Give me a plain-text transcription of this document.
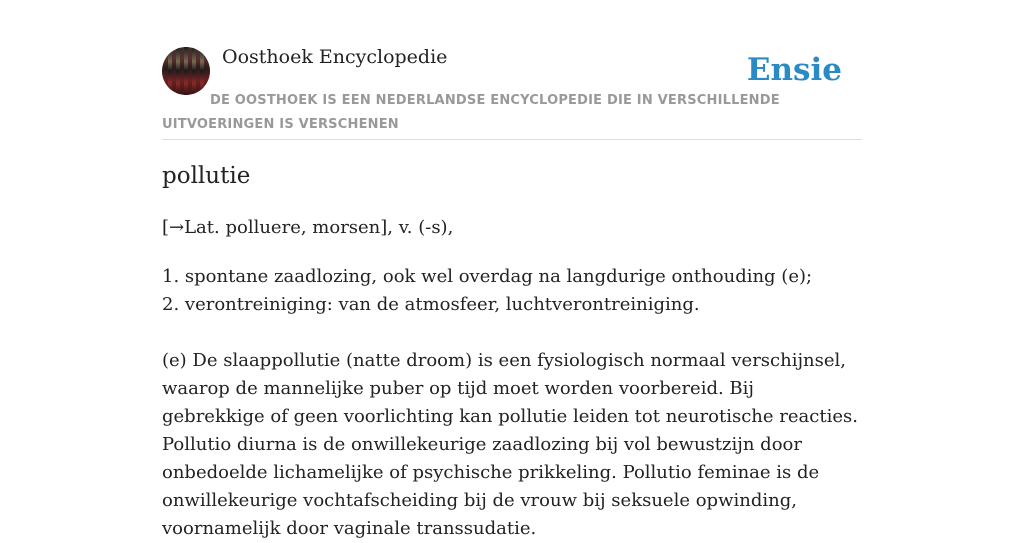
Oosthoek Encyclopedie	Ensie
DE OOSTHOEK IS EEN NEDERLANDSE ENCYCLOPEDIE DIE IN VERSCHILLENDE UITVOERINGEN IS VERSCHENEN
pollutie
[→Lat. polluere, morsen], v. (-s),
1. spontane zaadlozing, ook wel overdag na langdurige onthouding (e);
2. verontreiniging: van de atmosfeer, luchtverontreiniging.
(e) De slaappollutie (natte droom) is een fysiologisch normaal verschijnsel, waarop de mannelijke puber op tijd moet worden voorbereid. Bij gebrekkige of geen voorlichting kan pollutie leiden tot neurotische reacties. Pollutio diurna is de onwillekeurige zaadlozing bij vol bewustzijn door onbedoelde lichamelijke of psychische prikkeling. Pollutio feminae is de onwillekeurige vochtafscheiding bij de vrouw bij seksuele opwinding, voornamelijk door vaginale transsudatie.
